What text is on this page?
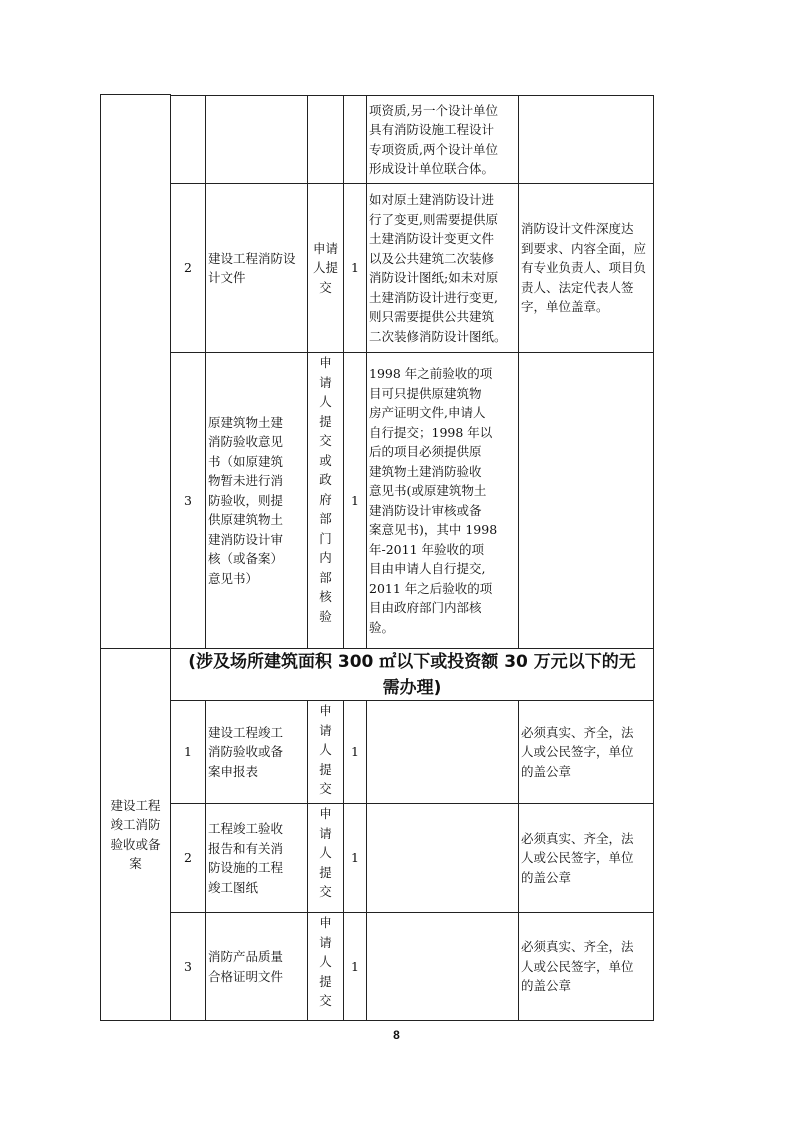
项资质,另一个设计单位
具有消防设施工程设计
专项资质,两个设计单位
形成设计单位联合体。
2
建设工程消防设
计文件
申请
人提
交
1
如对原土建消防设计进
行了变更,则需要提供原
土建消防设计变更文件
以及公共建筑二次装修
消防设计图纸;如未对原
土建消防设计进行变更,
则只需要提供公共建筑
二次装修消防设计图纸。
消防设计文件深度达
到要求、内容全面，应
有专业负责人、项目负
责人、法定代表人签
字，单位盖章。
3
原建筑物土建
消防验收意见
书（如原建筑
物暂未进行消
防验收，则提
供原建筑物土
建消防设计审
核（或备案）
意见书）
申
请
人
提
交
或
政
府
部
门
内
部
核
验
1
1998 年之前验收的项
目可只提供原建筑物
房产证明文件,申请人
自行提交；1998 年以
后的项目必须提供原
建筑物土建消防验收
意见书(或原建筑物土
建消防设计审核或备
案意见书)，其中 1998
年-2011 年验收的项
目由申请人自行提交,
2011 年之后验收的项
目由政府部门内部核
验。
建设工程
竣工消防
验收或备
案
(涉及场所建筑面积 300 ㎡以下或投资额 30 万元以下的无
需办理)
1
建设工程竣工
消防验收或备
案申报表
申
请
人
提
交
1
必须真实、齐全，法
人或公民签字，单位
的盖公章
2
工程竣工验收
报告和有关消
防设施的工程
竣工图纸
申
请
人
提
交
1
必须真实、齐全，法
人或公民签字，单位
的盖公章
3
消防产品质量
合格证明文件
申
请
人
提
交
1
必须真实、齐全，法
人或公民签字，单位
的盖公章
8
